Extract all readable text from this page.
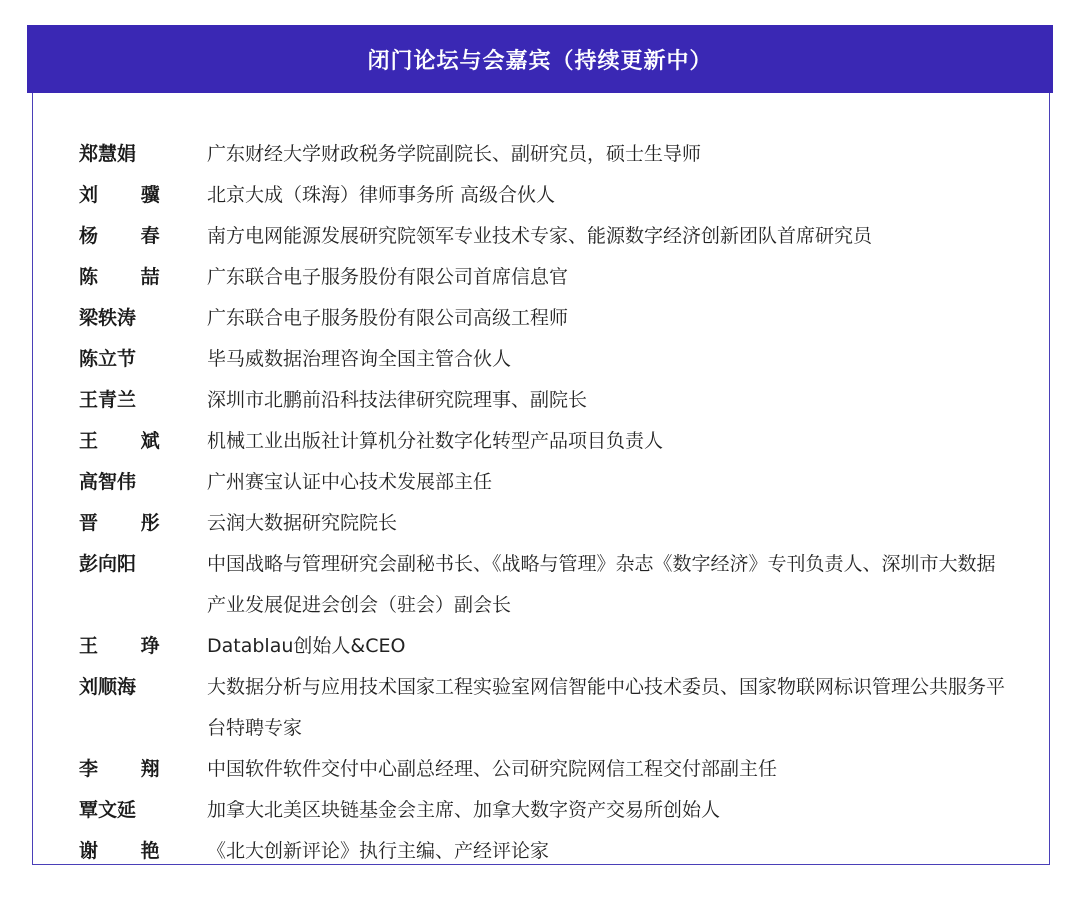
郑慧娟	广东财经大学财政税务学院副院长、副研究员，硕士生导师
刘 骥	北京大成（珠海）律师事务所 高级合伙人
杨 春	南方电网能源发展研究院领军专业技术专家、能源数字经济创新团队首席研究员
陈 喆	广东联合电子服务股份有限公司首席信息官
梁轶涛	广东联合电子服务股份有限公司高级工程师
陈立节	毕马威数据治理咨询全国主管合伙人
王青兰	深圳市北鹏前沿科技法律研究院理事、副院长
王 斌	机械工业出版社计算机分社数字化转型产品项目负责人
高智伟	广州赛宝认证中心技术发展部主任
晋 彤	云润大数据研究院院长
彭向阳	中国战略与管理研究会副秘书长、《战略与管理》杂志《数字经济》专刊负责人、深圳市大数据产业发展促进会创会（驻会）副会长
王 琤	Datablau创始人&CEO
刘顺海	大数据分析与应用技术国家工程实验室网信智能中心技术委员、国家物联网标识管理公共服务平台特聘专家
李 翔	中国软件软件交付中心副总经理、公司研究院网信工程交付部副主任
覃文延	加拿大北美区块链基金会主席、加拿大数字资产交易所创始人
谢 艳	《北大创新评论》执行主编、产经评论家
闭门论坛与会嘉宾（持续更新中）
